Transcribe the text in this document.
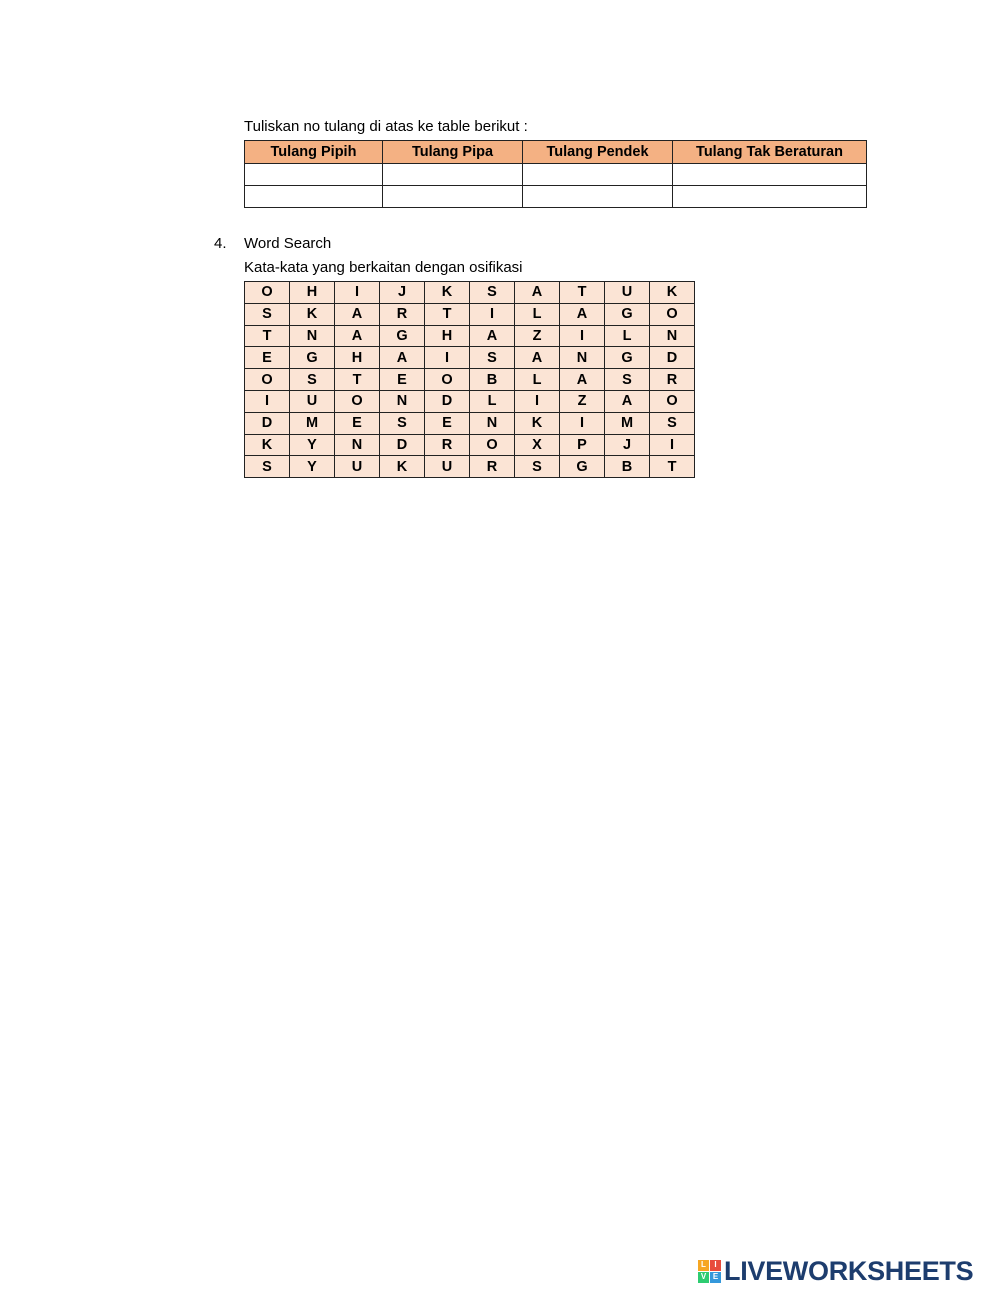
Tuliskan no tulang di atas ke table berikut :
Tulang Pipih	Tulang Pipa	Tulang Pendek	Tulang Tak Beraturan

4. Word Search
Kata-kata yang berkaitan dengan osifikasi
O	H	I	J	K	S	A	T	U	K
S	K	A	R	T	I	L	A	G	O
T	N	A	G	H	A	Z	I	L	N
E	G	H	A	I	S	A	N	G	D
O	S	T	E	O	B	L	A	S	R
I	U	O	N	D	L	I	Z	A	O
D	M	E	S	E	N	K	I	M	S
K	Y	N	D	R	O	X	P	J	I
S	Y	U	K	U	R	S	G	B	T
L	I
V E LIVEWORKSHEETS
